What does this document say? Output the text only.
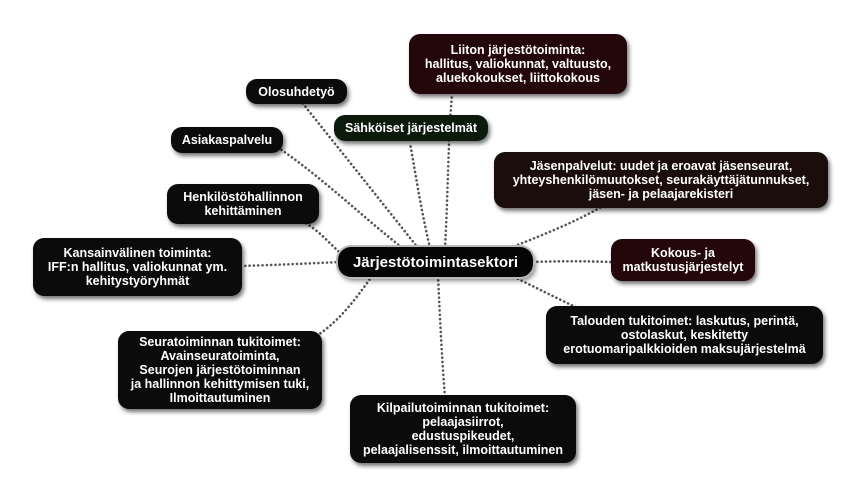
Järjestötoimintasektori
Liiton järjestötoiminta:
hallitus, valiokunnat, valtuusto,
aluekokoukset, liittokokous
Olosuhdetyö
Sähköiset järjestelmät
Asiakaspalvelu
Jäsenpalvelut: uudet ja eroavat jäsenseurat,
yhteyshenkilömuutokset, seurakäyttäjätunnukset,
jäsen- ja pelaajarekisteri
Henkilöstöhallinnon
kehittäminen
Kansainvälinen toiminta:
IFF:n hallitus, valiokunnat ym.
kehitystyöryhmät
Kokous- ja
matkustusjärjestelyt
Talouden tukitoimet: laskutus, perintä,
ostolaskut, keskitetty
erotuomaripalkkioiden maksujärjestelmä
Seuratoiminnan tukitoimet:
Avainseuratoiminta,
Seurojen järjestötoiminnan
ja hallinnon kehittymisen tuki,
Ilmoittautuminen
Kilpailutoiminnan tukitoimet:
pelaajasiirrot,
edustuspikeudet,
pelaajalisenssit, ilmoittautuminen
